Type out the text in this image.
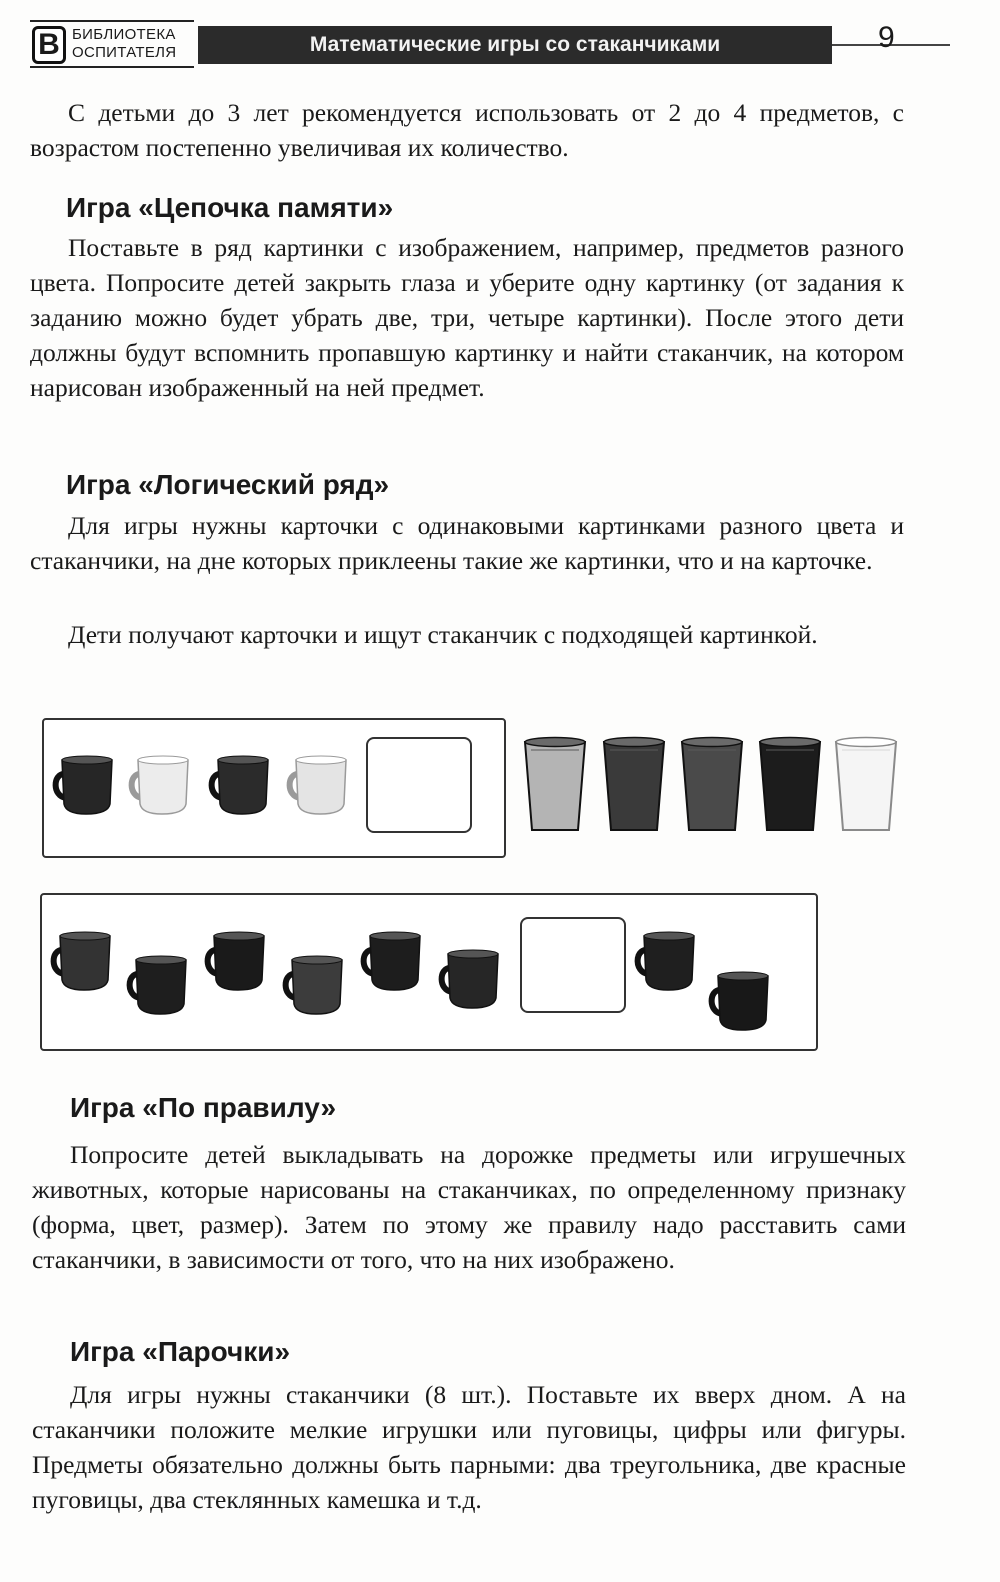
В БИБЛИОТЕКА
ОСПИТАТЕЛЯ	Математические игры со стаканчиками	9

С детьми до 3 лет рекомендуется использовать от 2 до 4 предметов, с возрастом постепенно увеличивая их количество.

Игра «Цепочка памяти»

Поставьте в ряд картинки с изображением, например, предметов разного цвета. Попросите детей закрыть глаза и уберите одну картинку (от задания к заданию можно будет убрать две, три, четыре картинки). После этого дети должны будут вспомнить пропавшую картинку и найти стаканчик, на котором нарисован изображенный на ней предмет.

Игра «Логический ряд»

Для игры нужны карточки с одинаковыми картинками разного цвета и стаканчики, на дне которых приклеены такие же картинки, что и на карточке.

Дети получают карточки и ищут стаканчик с подходящей картинкой.

Игра «По правилу»

Попросите детей выкладывать на дорожке предметы или игрушечных животных, которые нарисованы на стаканчиках, по определенному признаку (форма, цвет, размер). Затем по этому же правилу надо расставить сами стаканчики, в зависимости от того, что на них изображено.

Игра «Парочки»

Для игры нужны стаканчики (8 шт.). Поставьте их вверх дном. А на стаканчики положите мелкие игрушки или пуговицы, цифры или фигуры. Предметы обязательно должны быть парными: два треугольника, две красные пуговицы, два стеклянных камешка и т.д.
